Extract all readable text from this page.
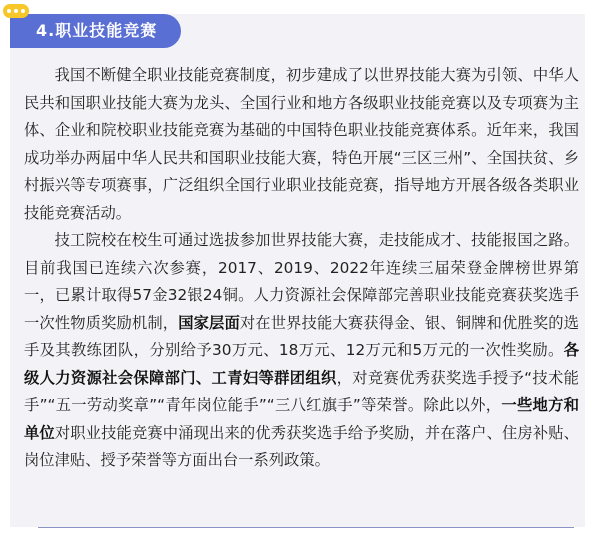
4.职业技能竞赛

我国不断健全职业技能竞赛制度，初步建成了以世界技能大赛为引领、中华人民共和国职业技能大赛为龙头、全国行业和地方各级职业技能竞赛以及专项赛为主体、企业和院校职业技能竞赛为基础的中国特色职业技能竞赛体系。近年来，我国成功举办两届中华人民共和国职业技能大赛，特色开展“三区三州”、全国扶贫、乡村振兴等专项赛事，广泛组织全国行业职业技能竞赛，指导地方开展各级各类职业技能竞赛活动。

技工院校在校生可通过选拔参加世界技能大赛，走技能成才、技能报国之路。目前我国已连续六次参赛，2017、2019、2022年连续三届荣登金牌榜世界第一，已累计取得57金32银24铜。人力资源社会保障部完善职业技能竞赛获奖选手一次性物质奖励机制，国家层面对在世界技能大赛获得金、银、铜牌和优胜奖的选手及其教练团队，分别给予30万元、18万元、12万元和5万元的一次性奖励。各级人力资源社会保障部门、工青妇等群团组织，对竞赛优秀获奖选手授予“技术能手”“五一劳动奖章”“青年岗位能手”“三八红旗手”等荣誉。除此以外，一些地方和单位对职业技能竞赛中涌现出来的优秀获奖选手给予奖励，并在落户、住房补贴、岗位津贴、授予荣誉等方面出台一系列政策。
